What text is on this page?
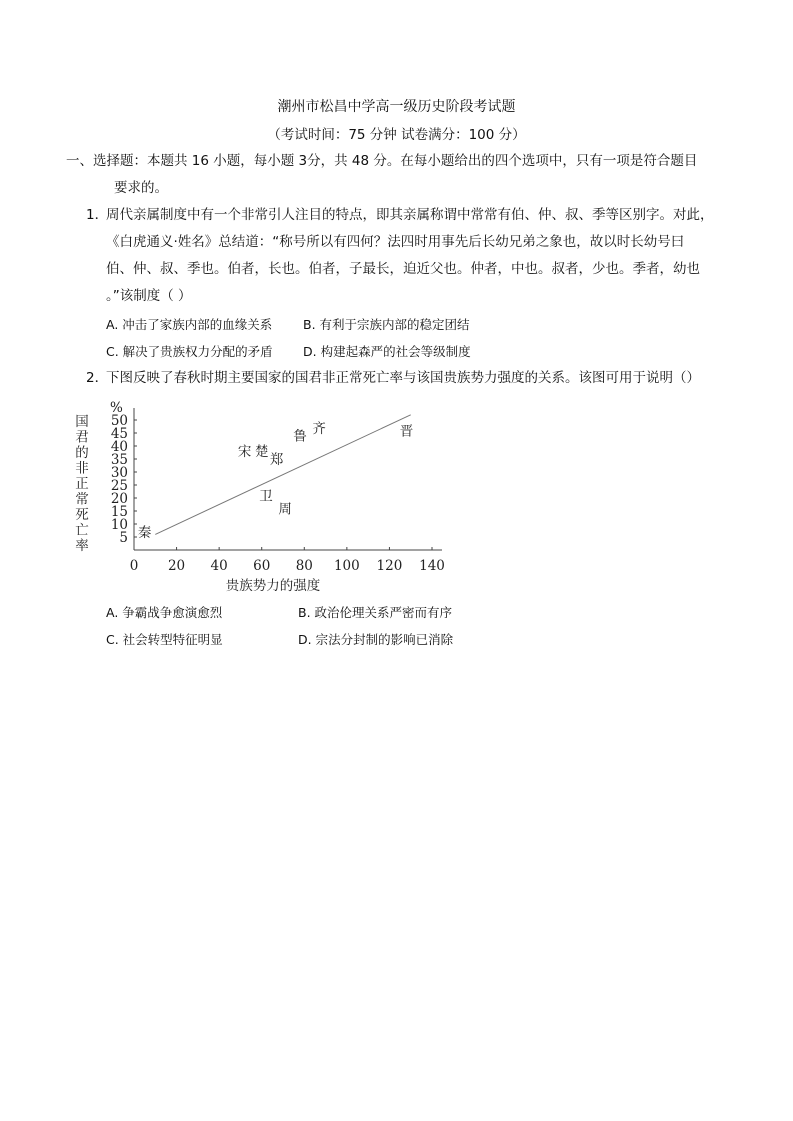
潮州市松昌中学高一级历史阶段考试题
（考试时间：75 分钟 试卷满分：100 分）
一、选择题：本题共 16 小题，每小题 3分，共 48 分。在每小题给出的四个选项中，只有一项是符合题目
要求的。
1．
周代亲属制度中有一个非常引人注目的特点，即其亲属称谓中常常有伯、仲、叔、季等区别字。对此，
《白虎通义·姓名》总结道：“称号所以有四何？法四时用事先后长幼兄弟之象也，故以时长幼号曰
伯、仲、叔、季也。伯者，长也。伯者，子最长，迫近父也。仲者，中也。叔者，少也。季者，幼也
。”该制度（ ）
A. 冲击了家族内部的血缘关系 B. 有利于宗族内部的稳定团结
C. 解决了贵族权力分配的矛盾 D. 构建起森严的社会等级制度
2．
下图反映了春秋时期主要国家的国君非正常死亡率与该国贵族势力强度的关系。该图可用于说明（）
0 20 40 60 80 100 120 140
5
10
15
20
25
30
35
40
45
50
秦
宋 楚 郑
鲁 齐	晋
卫
周
%
贵族势力的强度
国
君
的
非
正
常
死
亡
率
A. 争霸战争愈演愈烈	B. 政治伦理关系严密而有序
C. 社会转型特征明显	D. 宗法分封制的影响已消除
